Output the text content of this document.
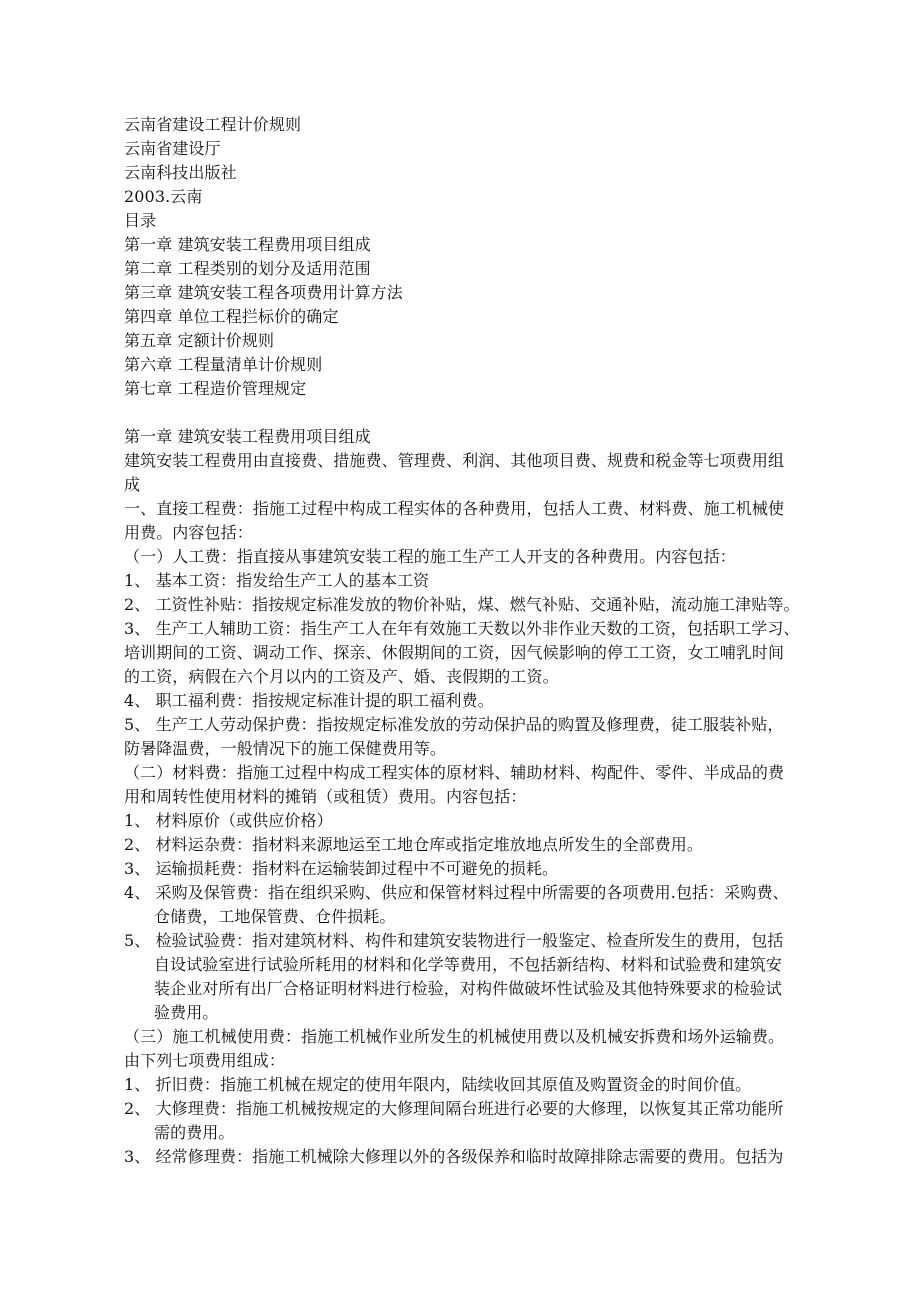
云南省建设工程计价规则
云南省建设厅
云南科技出版社
2003.云南
目录
第一章 建筑安装工程费用项目组成
第二章 工程类别的划分及适用范围
第三章 建筑安装工程各项费用计算方法
第四章 单位工程拦标价的确定
第五章 定额计价规则
第六章 工程量清单计价规则
第七章 工程造价管理规定
第一章 建筑安装工程费用项目组成
建筑安装工程费用由直接费、措施费、管理费、利润、其他项目费、规费和税金等七项费用组
成
一、直接工程费：指施工过程中构成工程实体的各种费用，包括人工费、材料费、施工机械使
用费。内容包括：
（一）人工费：指直接从事建筑安装工程的施工生产工人开支的各种费用。内容包括：
1、 基本工资：指发给生产工人的基本工资
2、 工资性补贴：指按规定标准发放的物价补贴，煤、燃气补贴、交通补贴，流动施工津贴等。
3、 生产工人辅助工资：指生产工人在年有效施工天数以外非作业天数的工资，包括职工学习、
培训期间的工资、调动工作、探亲、休假期间的工资，因气候影响的停工工资，女工哺乳时间
的工资，病假在六个月以内的工资及产、婚、丧假期的工资。
4、 职工福利费：指按规定标准计提的职工福利费。
5、 生产工人劳动保护费：指按规定标准发放的劳动保护品的购置及修理费，徒工服装补贴，
防暑降温费，一般情况下的施工保健费用等。
（二）材料费：指施工过程中构成工程实体的原材料、辅助材料、构配件、零件、半成品的费
用和周转性使用材料的摊销（或租赁）费用。内容包括：
1、 材料原价（或供应价格）
2、 材料运杂费：指材料来源地运至工地仓库或指定堆放地点所发生的全部费用。
3、 运输损耗费：指材料在运输装卸过程中不可避免的损耗。
4、 采购及保管费：指在组织采购、供应和保管材料过程中所需要的各项费用.包括：采购费、
仓储费，工地保管费、仓件损耗。
5、 检验试验费：指对建筑材料、构件和建筑安装物进行一般鉴定、检查所发生的费用，包括
自设试验室进行试验所耗用的材料和化学等费用，不包括新结构、材料和试验费和建筑安
装企业对所有出厂合格证明材料进行检验，对构件做破坏性试验及其他特殊要求的检验试
验费用。
（三）施工机械使用费：指施工机械作业所发生的机械使用费以及机械安拆费和场外运输费。
由下列七项费用组成：
1、 折旧费：指施工机械在规定的使用年限内，陆续收回其原值及购置资金的时间价值。
2、 大修理费：指施工机械按规定的大修理间隔台班进行必要的大修理，以恢复其正常功能所
需的费用。
3、 经常修理费：指施工机械除大修理以外的各级保养和临时故障排除志需要的费用。包括为
